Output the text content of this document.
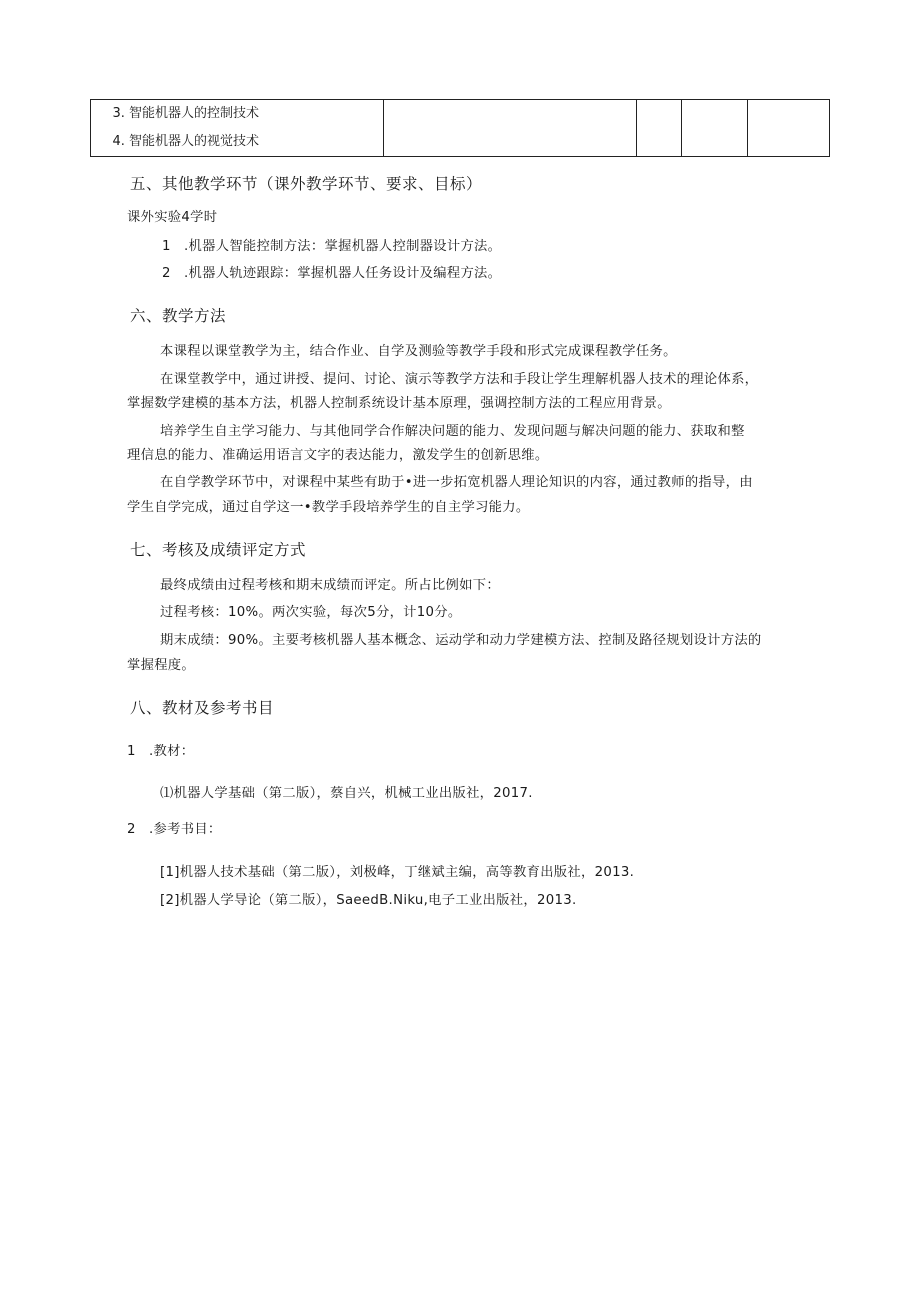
3. 智能机器人的控制技术
4. 智能机器人的视觉技术

五、其他教学环节（课外教学环节、要求、目标）
课外实验4学时
1 .机器人智能控制方法：掌握机器人控制器设计方法。
2 .机器人轨迹跟踪：掌握机器人任务设计及编程方法。
六、教学方法
本课程以课堂教学为主，结合作业、自学及测验等教学手段和形式完成课程教学任务。
在课堂教学中，通过讲授、提问、讨论、演示等教学方法和手段让学生理解机器人技术的理论体系，
掌握数学建模的基本方法，机器人控制系统设计基本原理，强调控制方法的工程应用背景。
培养学生自主学习能力、与其他同学合作解决问题的能力、发现问题与解决问题的能力、获取和整
理信息的能力、准确运用语言文字的表达能力，激发学生的创新思维。
在自学教学环节中，对课程中某些有助于•进一步拓宽机器人理论知识的内容，通过教师的指导，由
学生自学完成，通过自学这一•教学手段培养学生的自主学习能力。
七、考核及成绩评定方式
最终成绩由过程考核和期末成绩而评定。所占比例如下：
过程考核：10%。两次实验，每次5分，计10分。
期末成绩：90%。主要考核机器人基本概念、运动学和动力学建模方法、控制及路径规划设计方法的
掌握程度。
八、教材及参考书目
1 .教材：
⑴机器人学基础（第二版），蔡自兴，机械工业出版社，2017.
2 .参考书目：
[1]机器人技术基础（第二版），刘极峰，丁继斌主编，高等教育出版社，2013.
[2]机器人学导论（第二版），SaeedB.Niku,电子工业出版社，2013.
